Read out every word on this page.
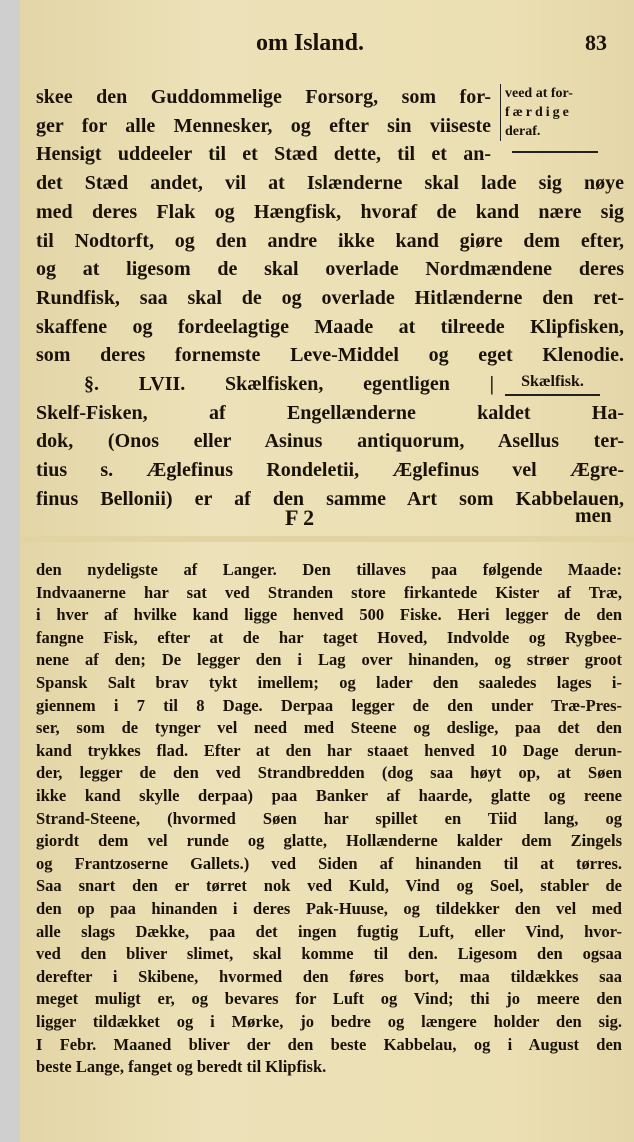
om Island.	83
veed at for-
færdige
deraf.
Skælfisk.
skee den Guddommelige Forsorg, som for-
ger for alle Mennesker, og efter sin viiseste
Hensigt uddeeler til et Stæd dette, til et an-
det Stæd andet, vil at Islænderne skal lade sig nøye
med deres Flak og Hængfisk, hvoraf de kand nære sig
til Nodtorft, og den andre ikke kand giøre dem efter,
og at ligesom de skal overlade Nordmændene deres
Rundfisk, saa skal de og overlade Hitlænderne den ret-
skaffene og fordeelagtige Maade at tilreede Klipfisken,
som deres fornemste Leve-Middel og eget Klenodie.
§. LVII. Skælfisken, egentligen |
Skelf-Fisken, af Engellænderne kaldet Ha-
dok, (Onos eller Asinus antiquorum, Asellus ter-
tius s. Æglefinus Rondeletii, Æglefinus vel Ægre-
finus Bellonii) er af den samme Art som Kabbelauen,
F 2	men
den nydeligste af Langer. Den tillaves paa følgende Maade:
Indvaanerne har sat ved Stranden store firkantede Kister af Træ,
i hver af hvilke kand ligge henved 500 Fiske. Heri legger de den
fangne Fisk, efter at de har taget Hoved, Indvolde og Rygbee-
nene af den; De legger den i Lag over hinanden, og strøer groot
Spansk Salt brav tykt imellem; og lader den saaledes lages i-
giennem i 7 til 8 Dage. Derpaa legger de den under Træ-Pres-
ser, som de tynger vel need med Steene og deslige, paa det den
kand trykkes flad. Efter at den har staaet henved 10 Dage derun-
der, legger de den ved Strandbredden (dog saa høyt op, at Søen
ikke kand skylle derpaa) paa Banker af haarde, glatte og reene
Strand-Steene, (hvormed Søen har spillet en Tiid lang, og
giordt dem vel runde og glatte, Hollænderne kalder dem Zingels
og Frantzoserne Gallets.) ved Siden af hinanden til at tørres.
Saa snart den er tørret nok ved Kuld, Vind og Soel, stabler de
den op paa hinanden i deres Pak-Huuse, og tildekker den vel med
alle slags Dække, paa det ingen fugtig Luft, eller Vind, hvor-
ved den bliver slimet, skal komme til den. Ligesom den ogsaa
derefter i Skibene, hvormed den føres bort, maa tildækkes saa
meget muligt er, og bevares for Luft og Vind; thi jo meere den
ligger tildækket og i Mørke, jo bedre og længere holder den sig.
I Febr. Maaned bliver der den beste Kabbelau, og i August den
beste Lange, fanget og beredt til Klipfisk.
